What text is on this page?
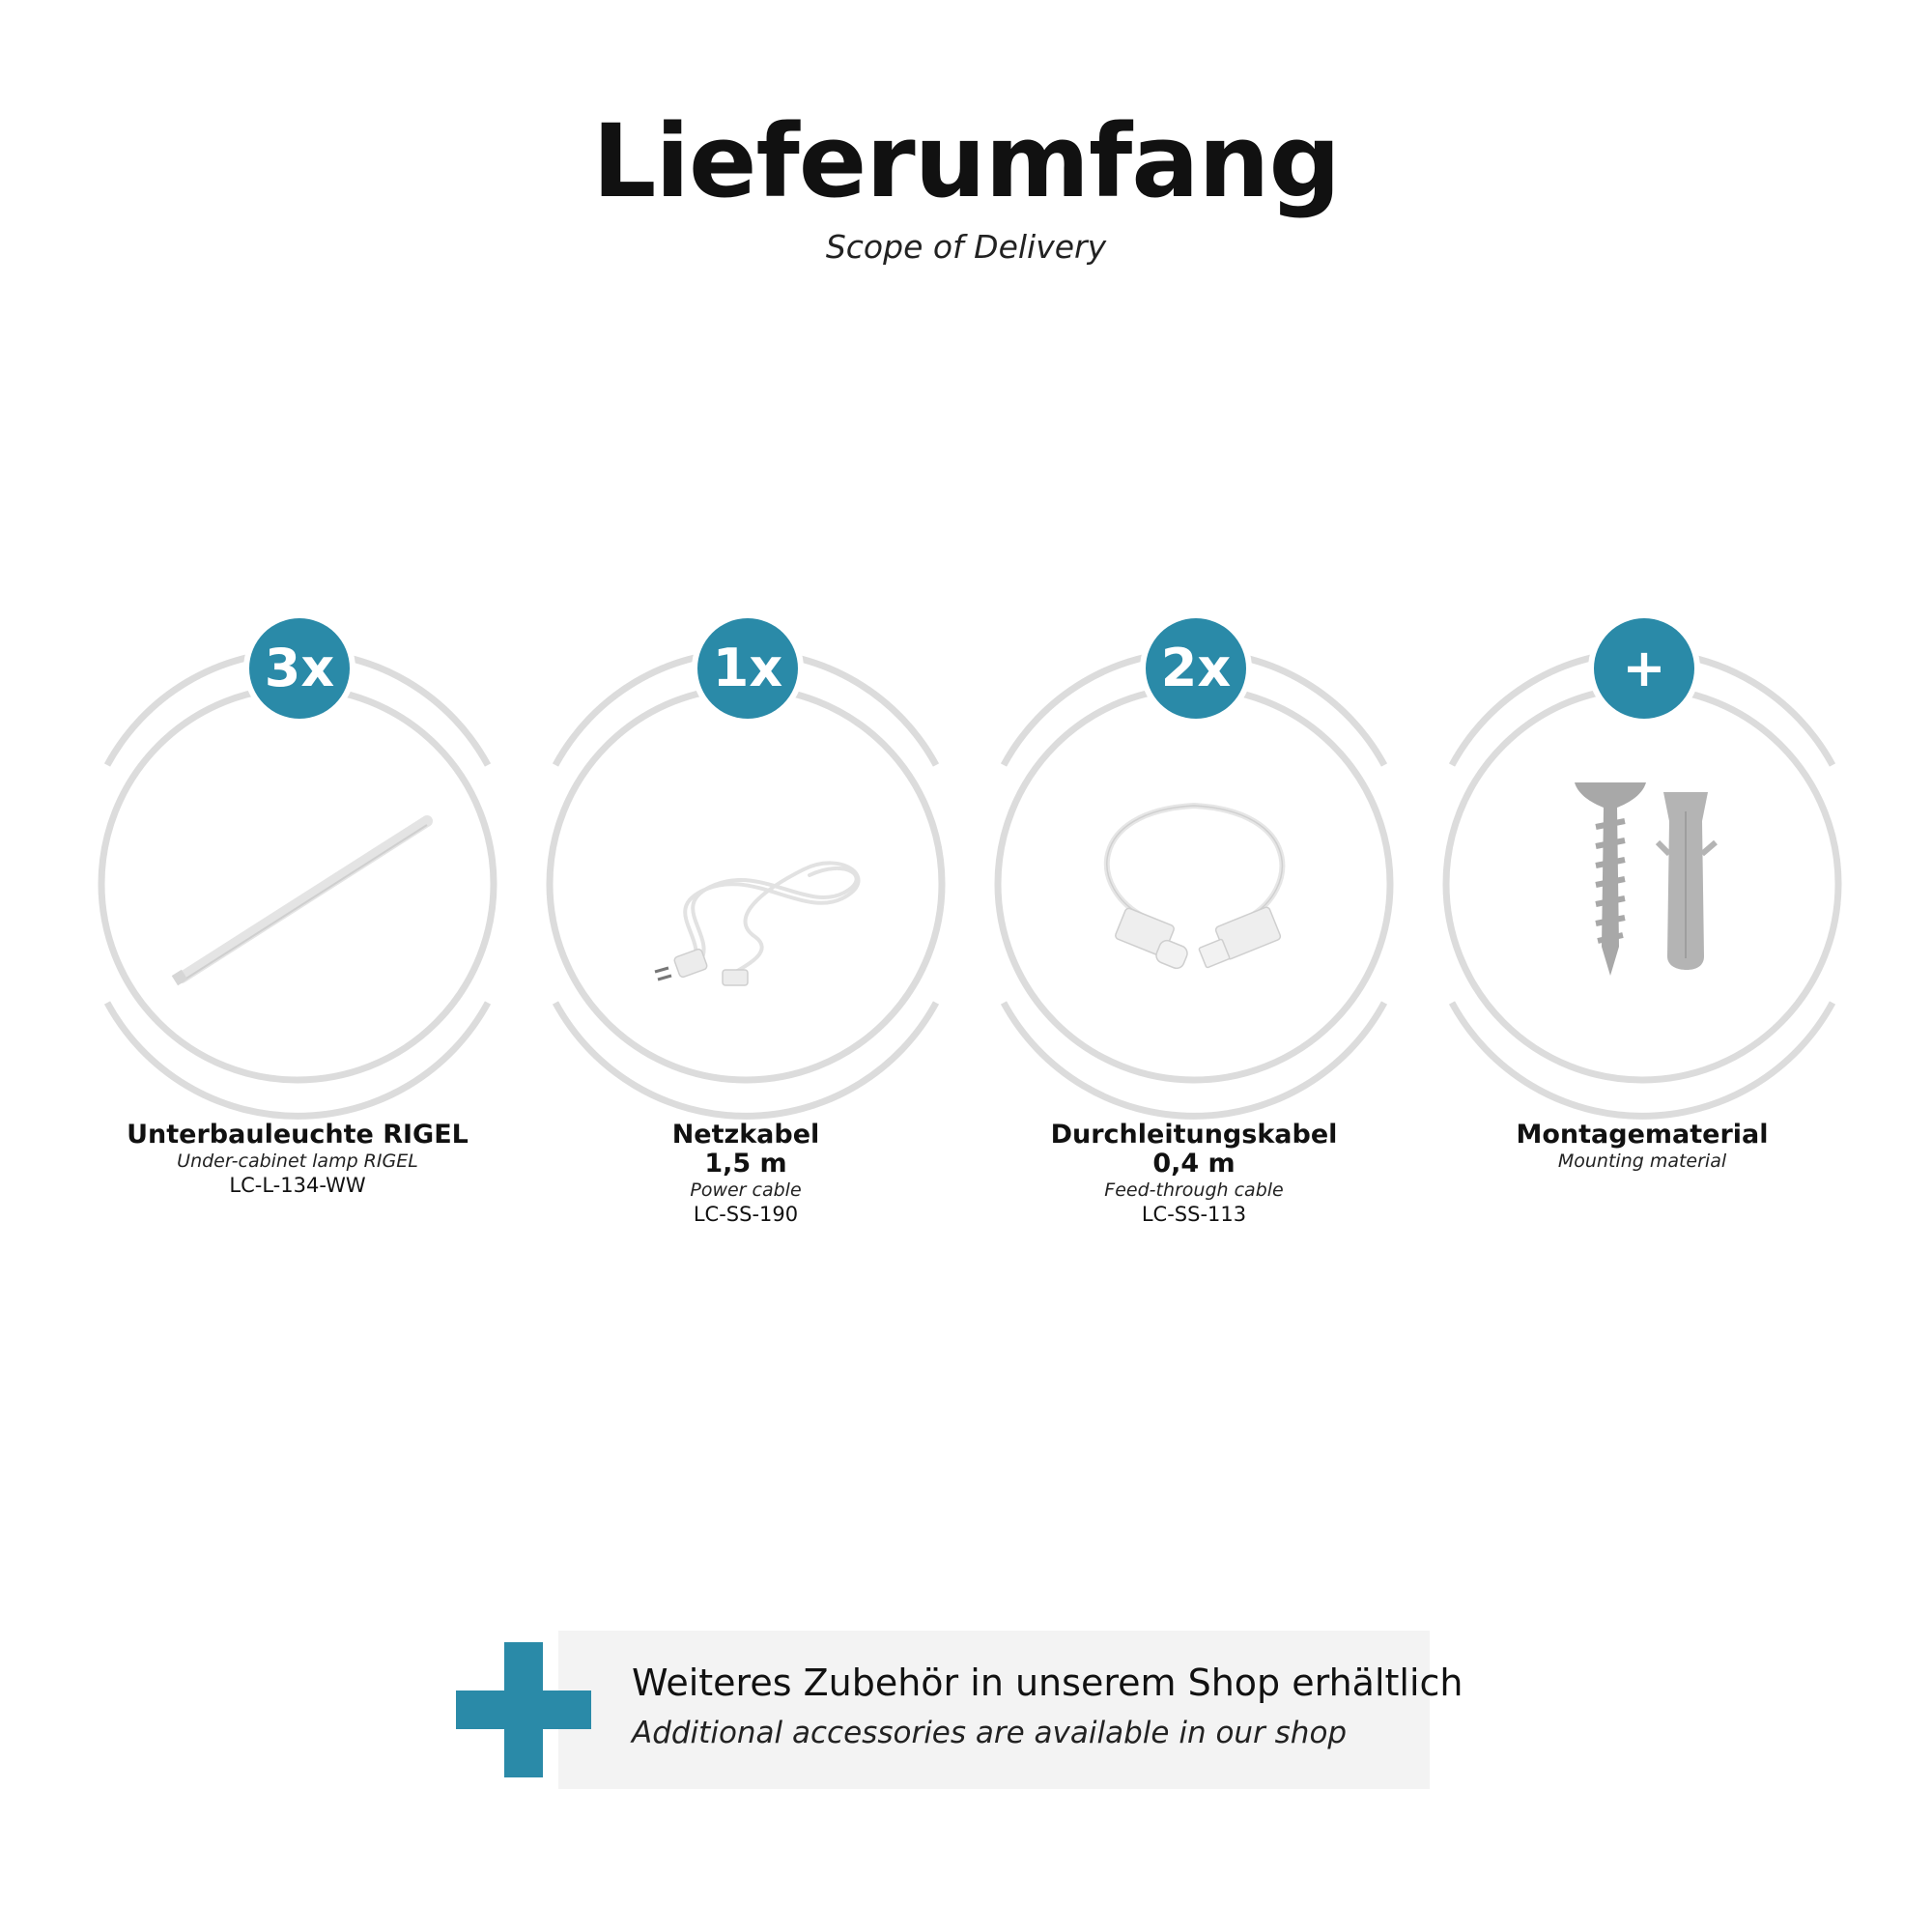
Lieferumfang
Scope of Delivery
3x
Unterbauleuchte RIGEL
Under-cabinet lamp RIGEL
LC-L-134-WW
1x
Netzkabel
1,5 m
Power cable
LC-SS-190
2x
Durchleitungskabel
0,4 m
Feed-through cable
LC-SS-113
+
Montagematerial
Mounting material
Weiteres Zubehör in unserem Shop erhältlich
Additional accessories are available in our shop
